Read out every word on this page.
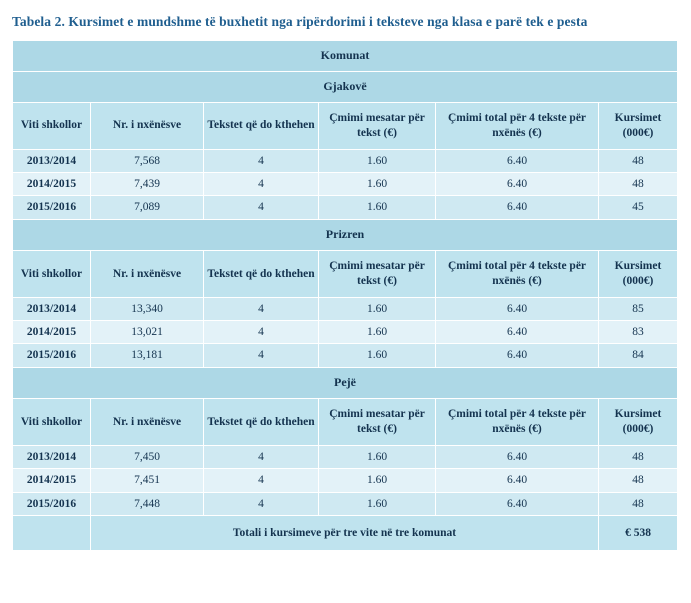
Tabela 2. Kursimet e mundshme të buxhetit nga ripërdorimi i teksteve nga klasa e parë tek e pesta
Komunat					
Gjakovë					
Viti shkollor	Nr. i nxënësve	Tekstet që do kthehen	Çmimi mesatar për tekst (€)	Çmimi total për 4 tekste për nxënës (€)	Kursimet (000€)
2013/2014	7,568	4	1.60	6.40	48
2014/2015	7,439	4	1.60	6.40	48
2015/2016	7,089	4	1.60	6.40	45
Prizren					
Viti shkollor	Nr. i nxënësve	Tekstet që do kthehen	Çmimi mesatar për tekst (€)	Çmimi total për 4 tekste për nxënës (€)	Kursimet (000€)
2013/2014	13,340	4	1.60	6.40	85
2014/2015	13,021	4	1.60	6.40	83
2015/2016	13,181	4	1.60	6.40	84
Pejë					
Viti shkollor	Nr. i nxënësve	Tekstet që do kthehen	Çmimi mesatar për tekst (€)	Çmimi total për 4 tekste për nxënës (€)	Kursimet (000€)
2013/2014	7,450	4	1.60	6.40	48
2014/2015	7,451	4	1.60	6.40	48
2015/2016	7,448	4	1.60	6.40	48
	Totali i kursimeve për tre vite në tre komunat				€ 538
